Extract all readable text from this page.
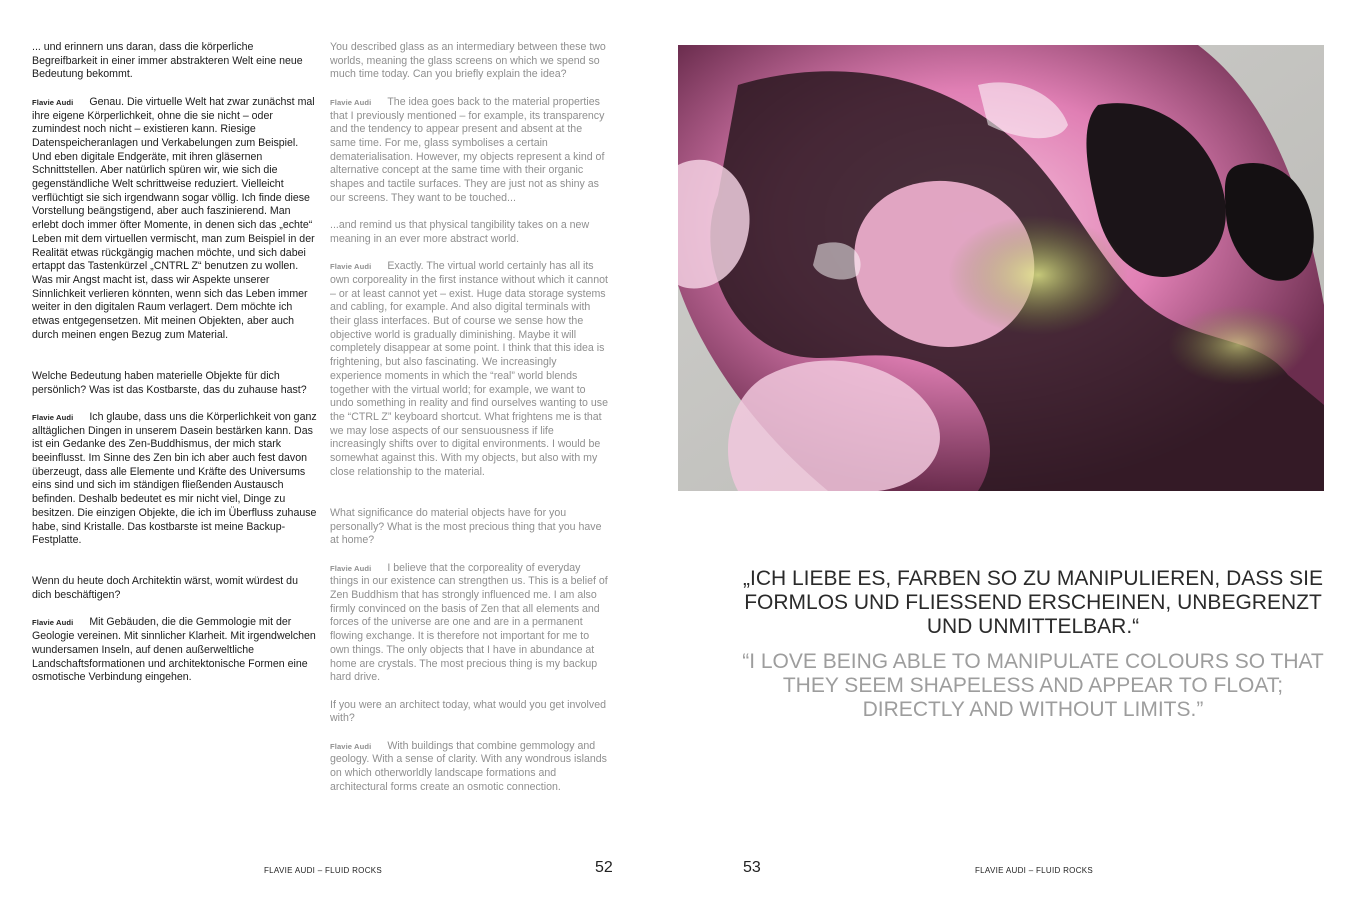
... und erinnern uns daran, dass die körperliche Begreifbarkeit in einer immer abstrakteren Welt eine neue Bedeutung bekommt.

Flavie Audi Genau. Die virtuelle Welt hat zwar zunächst mal ihre eigene Körperlichkeit, ohne die sie nicht – oder zumindest noch nicht – existieren kann. Riesige Datenspeicheranlagen und Verkabelungen zum Beispiel. Und eben digitale Endgeräte, mit ihren gläsernen Schnittstellen. Aber natürlich spüren wir, wie sich die gegenständliche Welt schrittweise reduziert. Vielleicht verflüchtigt sie sich irgendwann sogar völlig. Ich finde diese Vorstellung beängstigend, aber auch faszinierend. Man erlebt doch immer öfter Momente, in denen sich das „echte“ Leben mit dem virtuellen vermischt, man zum Beispiel in der Realität etwas rückgängig machen möchte, und sich dabei ertappt das Tastenkürzel „CNTRL Z“ benutzen zu wollen. Was mir Angst macht ist, dass wir Aspekte unserer Sinnlichkeit verlieren könnten, wenn sich das Leben immer weiter in den digitalen Raum verlagert. Dem möchte ich etwas entgegensetzen. Mit meinen Objekten, aber auch durch meinen engen Bezug zum Material.

Welche Bedeutung haben materielle Objekte für dich persönlich? Was ist das Kostbarste, das du zuhause hast?

Flavie Audi Ich glaube, dass uns die Körperlichkeit von ganz alltäglichen Dingen in unserem Dasein bestärken kann. Das ist ein Gedanke des Zen-Buddhismus, der mich stark beeinflusst. Im Sinne des Zen bin ich aber auch fest davon überzeugt, dass alle Elemente und Kräfte des Universums eins sind und sich im ständigen fließenden Austausch befinden. Deshalb bedeutet es mir nicht viel, Dinge zu besitzen. Die einzigen Objekte, die ich im Überfluss zuhause habe, sind Kristalle. Das kostbarste ist meine Backup-Festplatte.

Wenn du heute doch Architektin wärst, womit würdest du dich beschäftigen?

Flavie Audi Mit Gebäuden, die die Gemmologie mit der Geologie vereinen. Mit sinnlicher Klarheit. Mit irgendwelchen wundersamen Inseln, auf denen außerweltliche Landschaftsformationen und architektonische Formen eine osmotische Verbindung eingehen.

You described glass as an intermediary between these two worlds, meaning the glass screens on which we spend so much time today. Can you briefly explain the idea?

Flavie Audi The idea goes back to the material properties that I previously mentioned – for example, its transparency and the tendency to appear present and absent at the same time. For me, glass symbolises a certain dematerialisation. However, my objects represent a kind of alternative concept at the same time with their organic shapes and tactile surfaces. They are just not as shiny as our screens. They want to be touched...

...and remind us that physical tangibility takes on a new meaning in an ever more abstract world.

Flavie Audi Exactly. The virtual world certainly has all its own corporeality in the first instance without which it cannot – or at least cannot yet – exist. Huge data storage systems and cabling, for example. And also digital terminals with their glass interfaces. But of course we sense how the objective world is gradually diminishing. Maybe it will completely disappear at some point. I think that this idea is frightening, but also fascinating. We increasingly experience moments in which the “real” world blends together with the virtual world; for example, we want to undo something in reality and find ourselves wanting to use the “CTRL Z” keyboard shortcut. What frightens me is that we may lose aspects of our sensuousness if life increasingly shifts over to digital environments. I would be somewhat against this. With my objects, but also with my close relationship to the material.

What significance do material objects have for you personally? What is the most precious thing that you have at home?

Flavie Audi I believe that the corporeality of everyday things in our existence can strengthen us. This is a belief of Zen Buddhism that has strongly influenced me. I am also firmly convinced on the basis of Zen that all elements and forces of the universe are one and are in a permanent flowing exchange. It is therefore not important for me to own things. The only objects that I have in abundance at home are crystals. The most precious thing is my backup hard drive.

If you were an architect today, what would you get involved with?

Flavie Audi With buildings that combine gemmology and geology. With a sense of clarity. With any wondrous islands on which otherworldly landscape formations and architectural forms create an osmotic connection.

„ICH LIEBE ES, FARBEN SO ZU MANIPULIEREN, DASS SIE FORMLOS UND FLIESSEND ERSCHEINEN, UNBEGRENZT UND UNMITTELBAR.“
“I LOVE BEING ABLE TO MANIPULATE COLOURS SO THAT THEY SEEM SHAPELESS AND APPEAR TO FLOAT; DIRECTLY AND WITHOUT LIMITS.”
FLAVIE AUDI – FLUID ROCKS	52	53	FLAVIE AUDI – FLUID ROCKS
